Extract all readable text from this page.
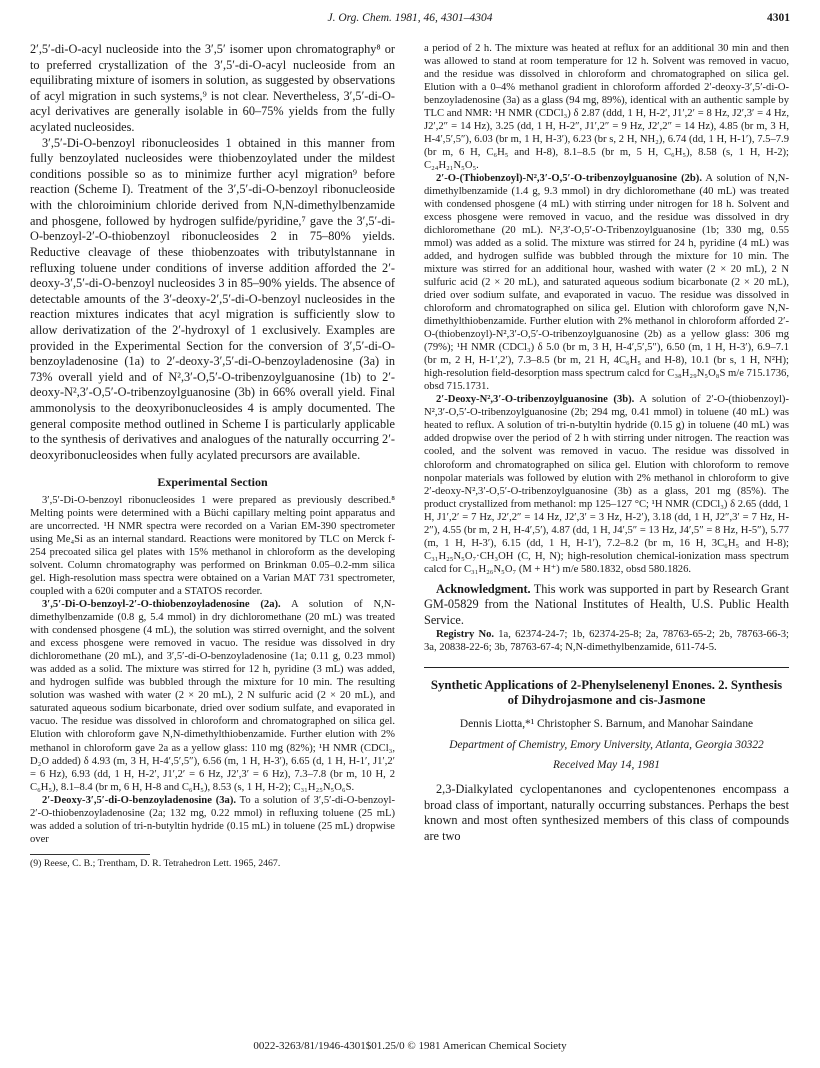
J. Org. Chem. 1981, 46, 4301–4304	4301

2′,5′-di-O-acyl nucleoside into the 3′,5′ isomer upon chromatography⁸ or to preferred crystallization of the 3′,5′-di-O-acyl nucleoside from an equilibrating mixture of isomers in solution, as suggested by observations of acyl migration in such systems,⁹ is not clear. Nevertheless, 3′,5′-di-O-acyl derivatives are generally isolable in 60–75% yields from the fully acylated nucleosides.

3′,5′-Di-O-benzoyl ribonucleosides 1 obtained in this manner from fully benzoylated nucleosides were thiobenzoylated under the mildest conditions possible so as to minimize further acyl migration⁹ before reaction (Scheme I). Treatment of the 3′,5′-di-O-benzoyl ribonucleoside with the chloroiminium chloride derived from N,N-dimethylbenzamide and phosgene, followed by hydrogen sulfide/pyridine,⁷ gave the 3′,5′-di-O-benzoyl-2′-O-thiobenzoyl ribonucleosides 2 in 75–80% yields. Reductive cleavage of these thiobenzoates with tributylstannane in refluxing toluene under conditions of inverse addition afforded the 2′-deoxy-3′,5′-di-O-benzoyl nucleosides 3 in 85–90% yields. The absence of detectable amounts of the 3′-deoxy-2′,5′-di-O-benzoyl nucleosides in the reaction mixtures indicates that acyl migration is sufficiently slow to allow derivatization of the 2′-hydroxyl of 1 exclusively. Examples are provided in the Experimental Section for the conversion of 3′,5′-di-O-benzoyladenosine (1a) to 2′-deoxy-3′,5′-di-O-benzoyladenosine (3a) in 73% overall yield and of N²,3′-O,5′-O-tribenzoylguanosine (1b) to 2′-deoxy-N²,3′-O,5′-O-tribenzoylguanosine (3b) in 66% overall yield. Final ammonolysis to the deoxyribonucleosides 4 is amply documented. The general composite method outlined in Scheme I is particularly applicable to the synthesis of derivatives and analogues of the naturally occurring 2′-deoxyribonucleosides when fully acylated precursors are available.

Experimental Section

3′,5′-Di-O-benzoyl ribonucleosides 1 were prepared as previously described.⁸ Melting points were determined with a Büchi capillary melting point apparatus and are uncorrected. ¹H NMR spectra were recorded on a Varian EM-390 spectrometer using Me₄Si as an internal standard. Reactions were monitored by TLC on Merck f-254 precoated silica gel plates with 15% methanol in chloroform as the developing solvent. Column chromatography was performed on Brinkman 0.05–0.2-mm silica gel. High-resolution mass spectra were obtained on a Varian MAT 731 spectrometer, coupled with a 620i computer and a STATOS recorder.

3′,5′-Di-O-benzoyl-2′-O-thiobenzoyladenosine (2a). A solution of N,N-dimethylbenzamide (0.8 g, 5.4 mmol) in dry dichloromethane (20 mL) was treated with condensed phosgene (4 mL), the solution was stirred overnight, and the solvent and excess phosgene were removed in vacuo. The residue was dissolved in dry dichloromethane (20 mL), and 3′,5′-di-O-benzoyladenosine (1a; 0.11 g, 0.23 mmol) was added as a solid. The mixture was stirred for 12 h, pyridine (3 mL) was added, and hydrogen sulfide was bubbled through the mixture for 10 min. The resulting solution was washed with water (2 × 20 mL), 2 N sulfuric acid (2 × 20 mL), and saturated aqueous sodium bicarbonate, dried over sodium sulfate, and evaporated in vacuo. The residue was dissolved in chloroform and chromatographed on silica gel. Elution with chloroform gave N,N-dimethylthiobenzamide. Further elution with 2% methanol in chloroform gave 2a as a yellow glass: 110 mg (82%); ¹H NMR (CDCl₃, D₂O added) δ 4.93 (m, 3 H, H-4′,5′,5″), 6.56 (m, 1 H, H-3′), 6.65 (d, 1 H, H-1′, J1′,2′ = 6 Hz), 6.93 (dd, 1 H, H-2′, J1′,2′ = 6 Hz, J2′,3′ = 6 Hz), 7.3–7.8 (br m, 10 H, 2 C₆H₅), 8.1–8.4 (br m, 6 H, H-8 and C₆H₅), 8.53 (s, 1 H, H-2); C₃₁H₂₅N₅O₆S.

2′-Deoxy-3′,5′-di-O-benzoyladenosine (3a). To a solution of 3′,5′-di-O-benzoyl-2′-O-thiobenzoyladenosine (2a; 132 mg, 0.22 mmol) in refluxing toluene (25 mL) was added a solution of tri-n-butyltin hydride (0.15 mL) in toluene (25 mL) dropwise over

(9) Reese, C. B.; Trentham, D. R. Tetrahedron Lett. 1965, 2467.

a period of 2 h. The mixture was heated at reflux for an additional 30 min and then was allowed to stand at room temperature for 12 h. Solvent was removed in vacuo, and the residue was dissolved in chloroform and chromatographed on silica gel. Elution with a 0–4% methanol gradient in chloroform afforded 2′-deoxy-3′,5′-di-O-benzoyladenosine (3a) as a glass (94 mg, 89%), identical with an authentic sample by TLC and NMR: ¹H NMR (CDCl₃) δ 2.87 (ddd, 1 H, H-2′, J1′,2′ = 8 Hz, J2′,3′ = 4 Hz, J2′,2″ = 14 Hz), 3.25 (dd, 1 H, H-2″, J1′,2″ = 9 Hz, J2′,2″ = 14 Hz), 4.85 (br m, 3 H, H-4′,5′,5″), 6.03 (br m, 1 H, H-3′), 6.23 (br s, 2 H, NH₂), 6.74 (dd, 1 H, H-1′), 7.5–7.9 (br m, 6 H, C₆H₅ and H-8), 8.1–8.5 (br m, 5 H, C₆H₅), 8.58 (s, 1 H, H-2); C₂₄H₂₁N₅O₅.

2′-O-(Thiobenzoyl)-N²,3′-O,5′-O-tribenzoylguanosine (2b). A solution of N,N-dimethylbenzamide (1.4 g, 9.3 mmol) in dry dichloromethane (40 mL) was treated with condensed phosgene (4 mL) with stirring under nitrogen for 18 h. Solvent and excess phosgene were removed in vacuo, and the residue was dissolved in dry dichloromethane (20 mL). N²,3′-O,5′-O-Tribenzoylguanosine (1b; 330 mg, 0.55 mmol) was added as a solid. The mixture was stirred for 24 h, pyridine (4 mL) was added, and hydrogen sulfide was bubbled through the mixture for 10 min. The mixture was stirred for an additional hour, washed with water (2 × 20 mL), 2 N sulfuric acid (2 × 20 mL), and saturated aqueous sodium bicarbonate (2 × 20 mL), dried over sodium sulfate, and evaporated in vacuo. The residue was dissolved in chloroform and chromatographed on silica gel. Elution with chloroform gave N,N-dimethylthiobenzamide. Further elution with 2% methanol in chloroform afforded 2′-O-(thiobenzoyl)-N²,3′-O,5′-O-tribenzoylguanosine (2b) as a yellow glass: 306 mg (79%); ¹H NMR (CDCl₃) δ 5.0 (br m, 3 H, H-4′,5′,5″), 6.50 (m, 1 H, H-3′), 6.9–7.1 (br m, 2 H, H-1′,2′), 7.3–8.5 (br m, 21 H, 4C₆H₅ and H-8), 10.1 (br s, 1 H, N²H); high-resolution field-desorption mass spectrum calcd for C₃₈H₂₉N₅O₈S m/e 715.1736, obsd 715.1731.

2′-Deoxy-N²,3′-O-tribenzoylguanosine (3b). A solution of 2′-O-(thiobenzoyl)-N²,3′-O,5′-O-tribenzoylguanosine (2b; 294 mg, 0.41 mmol) in toluene (40 mL) was heated to reflux. A solution of tri-n-butyltin hydride (0.15 g) in toluene (40 mL) was added dropwise over the period of 2 h with stirring under nitrogen. The reaction was cooled, and the solvent was removed in vacuo. The residue was dissolved in chloroform and chromatographed on silica gel. Elution with chloroform to remove nonpolar materials was followed by elution with 2% methanol in chloroform to give 2′-deoxy-N²,3′-O,5′-O-tribenzoylguanosine (3b) as a glass, 201 mg (85%). The product crystallized from methanol: mp 125–127 °C; ¹H NMR (CDCl₃) δ 2.65 (ddd, 1 H, J1′,2′ = 7 Hz, J2′,2″ = 14 Hz, J2′,3′ = 3 Hz, H-2′), 3.18 (dd, 1 H, J2″,3′ = 7 Hz, H-2″), 4.55 (br m, 2 H, H-4′,5′), 4.87 (dd, 1 H, J4′,5″ = 13 Hz, J4′,5″ = 8 Hz, H-5″), 5.77 (m, 1 H, H-3′), 6.15 (dd, 1 H, H-1′), 7.2–8.2 (br m, 16 H, 3C₆H₅ and H-8); C₃₁H₂₅N₅O₇·CH₃OH (C, H, N); high-resolution chemical-ionization mass spectrum calcd for C₃₁H₂₆N₅O₇ (M + H⁺) m/e 580.1832, obsd 580.1826.

Acknowledgment. This work was supported in part by Research Grant GM-05829 from the National Institutes of Health, U.S. Public Health Service.

Registry No. 1a, 62374-24-7; 1b, 62374-25-8; 2a, 78763-65-2; 2b, 78763-66-3; 3a, 20838-22-6; 3b, 78763-67-4; N,N-dimethylbenzamide, 611-74-5.

Synthetic Applications of 2-Phenylselenenyl Enones. 2. Synthesis of Dihydrojasmone and cis-Jasmone
Dennis Liotta,*¹ Christopher S. Barnum, and Manohar Saindane
Department of Chemistry, Emory University, Atlanta, Georgia 30322
Received May 14, 1981

2,3-Dialkylated cyclopentanones and cyclopentenones encompass a broad class of important, naturally occurring substances. Perhaps the best known and most often synthesized members of this class of compounds are two

0022-3263/81/1946-4301$01.25/0 © 1981 American Chemical Society
